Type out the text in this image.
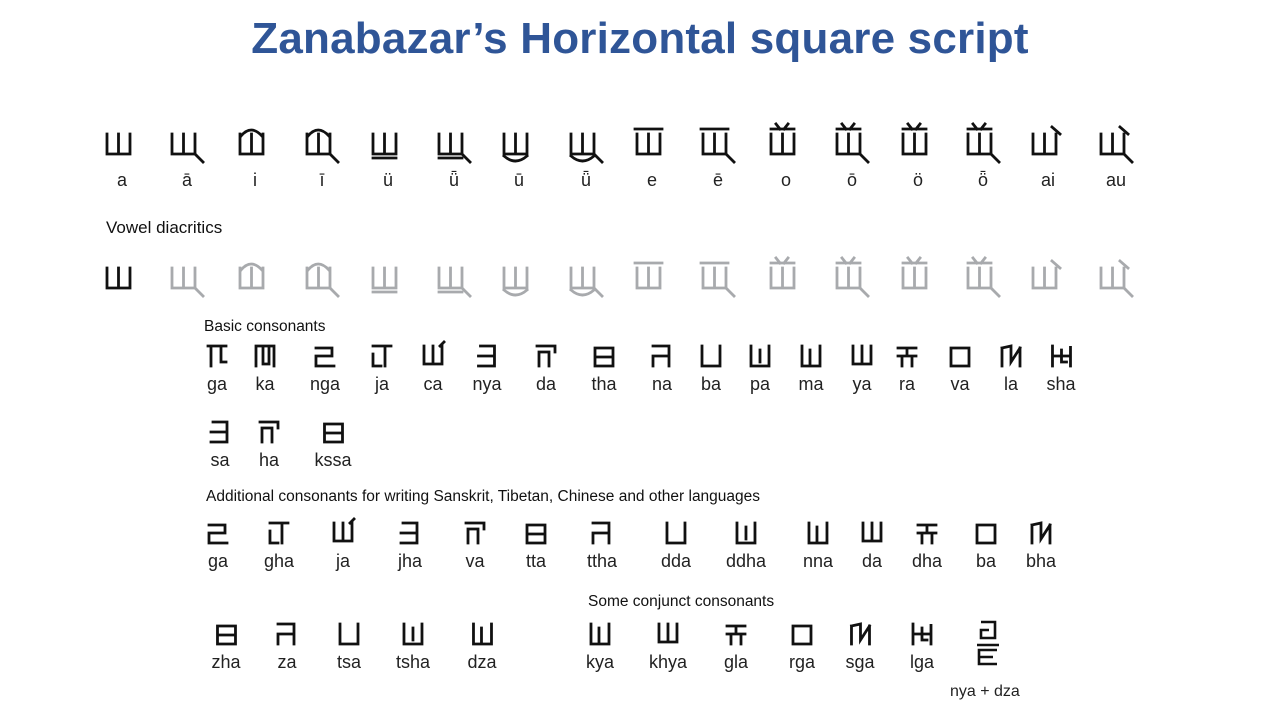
Zanabazar’s Horizontal square script
a	ā	i	ī	ü	ǖ	ū	ǖ	e	ē	o	ō	ö	ȫ	ai	au
Vowel diacritics
Basic consonants
ga ka nga ja ca nya da tha na ba pa ma ya ra va la sha
sa ha kssa
Additional consonants for writing Sanskrit, Tibetan, Chinese and other languages
ga gha ja	jha va tta ttha dda ddha nna da dha ba bha
Some conjunct consonants
zha za tsa tsha dza	kya khya gla rga sga lga
nya + dza
